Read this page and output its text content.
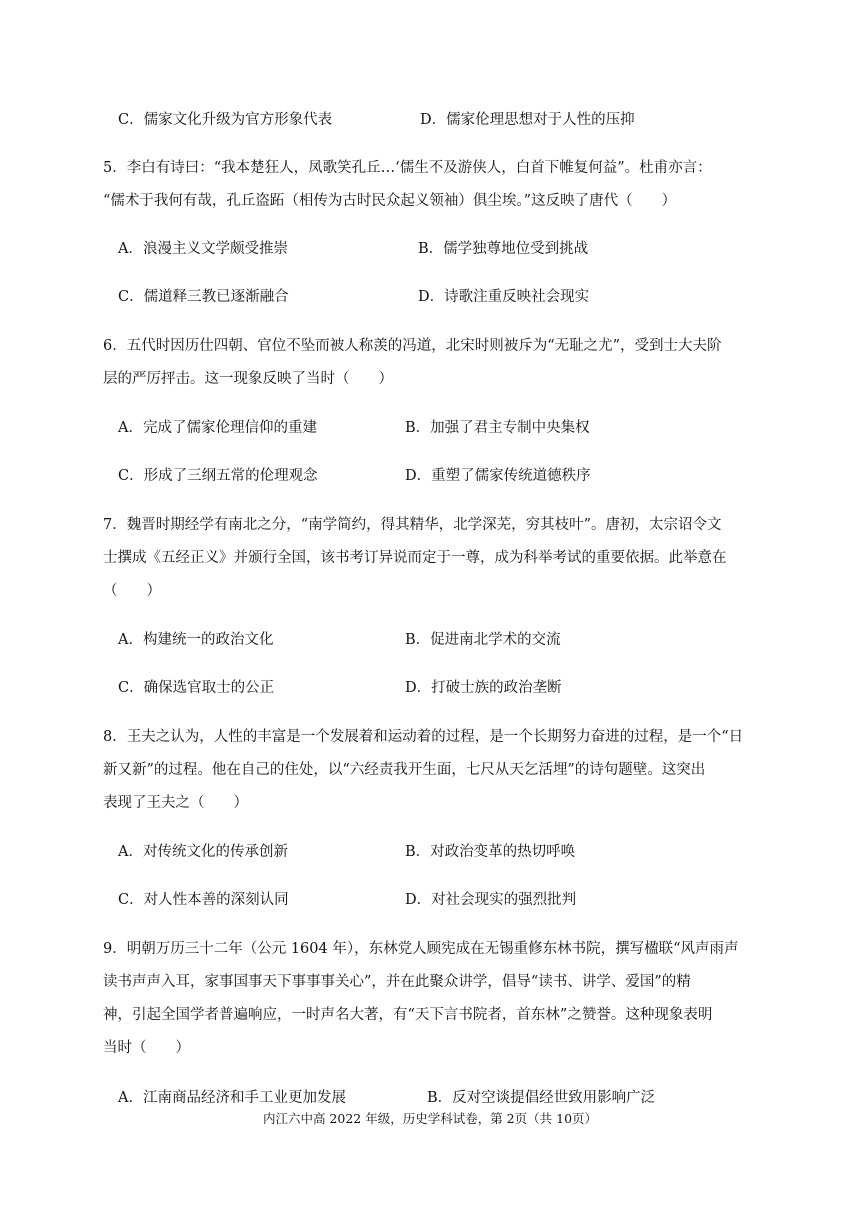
C．儒家文化升级为官方形象代表	D．儒家伦理思想对于人性的压抑
5．李白有诗曰：“我本楚狂人，凤歌笑孔丘…‘儒生不及游侠人，白首下帷复何益”。杜甫亦言：
“儒术于我何有哉，孔丘盗跖（相传为古时民众起义领袖）俱尘埃。”这反映了唐代（　　）
A．浪漫主义文学颇受推崇	B．儒学独尊地位受到挑战
C．儒道释三教已逐渐融合	D．诗歌注重反映社会现实
6．五代时因历仕四朝、官位不坠而被人称羡的冯道，北宋时则被斥为“无耻之尤”，受到士大夫阶
层的严厉抨击。这一现象反映了当时（　　）
A．完成了儒家伦理信仰的重建	B．加强了君主专制中央集权
C．形成了三纲五常的伦理观念	D．重塑了儒家传统道德秩序
7．魏晋时期经学有南北之分，“南学简约，得其精华，北学深芜，穷其枝叶”。唐初，太宗诏令文
士撰成《五经正义》并颁行全国，该书考订异说而定于一尊，成为科举考试的重要依据。此举意在
（　　）
A．构建统一的政治文化	B．促进南北学术的交流
C．确保选官取士的公正	D．打破士族的政治垄断
8．王夫之认为，人性的丰富是一个发展着和运动着的过程，是一个长期努力奋进的过程，是一个“日
新又新”的过程。他在自己的住处，以“六经责我开生面，七尺从天乞活埋”的诗句题壁。这突出
表现了王夫之（　　）
A．对传统文化的传承创新	B．对政治变革的热切呼唤
C．对人性本善的深刻认同	D．对社会现实的强烈批判
9．明朝万历三十二年（公元 1604 年），东林党人顾宪成在无锡重修东林书院，撰写楹联“风声雨声
读书声声入耳，家事国事天下事事事关心”，并在此聚众讲学，倡导“读书、讲学、爱国”的精
神，引起全国学者普遍响应，一时声名大著，有“天下言书院者，首东林”之赞誉。这种现象表明
当时（　　）
A．江南商品经济和手工业更加发展	B．反对空谈提倡经世致用影响广泛
内江六中高 2022 年级，历史学科试卷，第 2页（共 10页）
